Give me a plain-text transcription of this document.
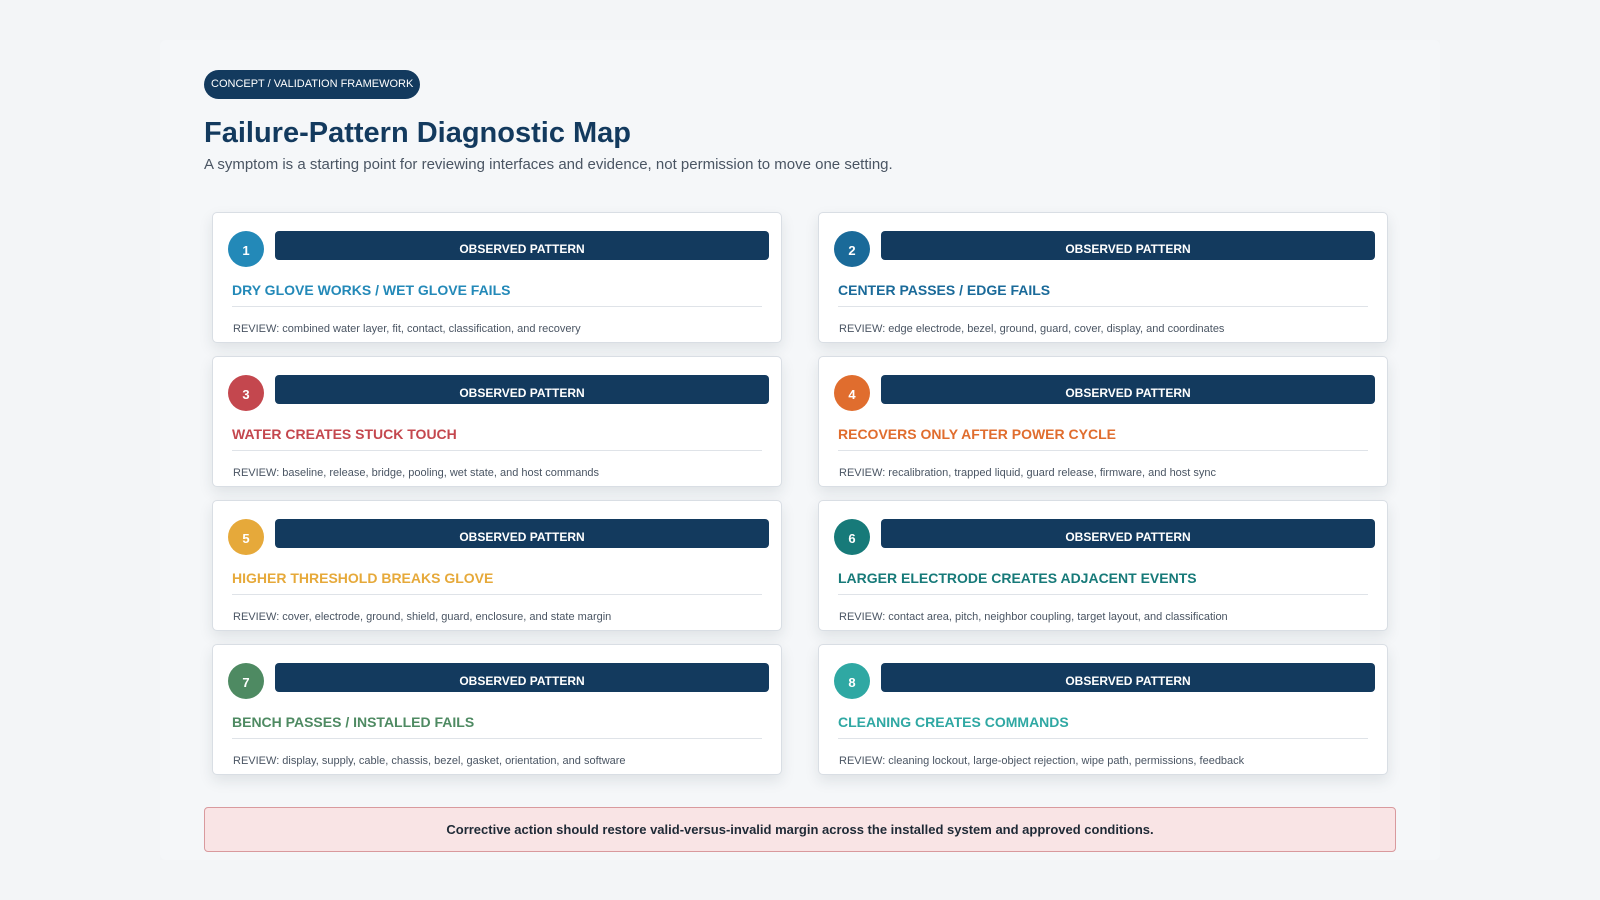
CONCEPT / VALIDATION FRAMEWORK
Failure-Pattern Diagnostic Map

A symptom is a starting point for reviewing interfaces and evidence, not permission to move one setting.

1	OBSERVED PATTERN
DRY GLOVE WORKS / WET GLOVE FAILS
REVIEW: combined water layer, fit, contact, classification, and recovery
2	OBSERVED PATTERN
CENTER PASSES / EDGE FAILS
REVIEW: edge electrode, bezel, ground, guard, cover, display, and coordinates
3	OBSERVED PATTERN
WATER CREATES STUCK TOUCH
REVIEW: baseline, release, bridge, pooling, wet state, and host commands
4	OBSERVED PATTERN
RECOVERS ONLY AFTER POWER CYCLE
REVIEW: recalibration, trapped liquid, guard release, firmware, and host sync
5	OBSERVED PATTERN
HIGHER THRESHOLD BREAKS GLOVE
REVIEW: cover, electrode, ground, shield, guard, enclosure, and state margin
6	OBSERVED PATTERN
LARGER ELECTRODE CREATES ADJACENT EVENTS
REVIEW: contact area, pitch, neighbor coupling, target layout, and classification
7	OBSERVED PATTERN
BENCH PASSES / INSTALLED FAILS
REVIEW: display, supply, cable, chassis, bezel, gasket, orientation, and software
8	OBSERVED PATTERN
CLEANING CREATES COMMANDS
REVIEW: cleaning lockout, large-object rejection, wipe path, permissions, feedback
Corrective action should restore valid-versus-invalid margin across the installed system and approved conditions.
